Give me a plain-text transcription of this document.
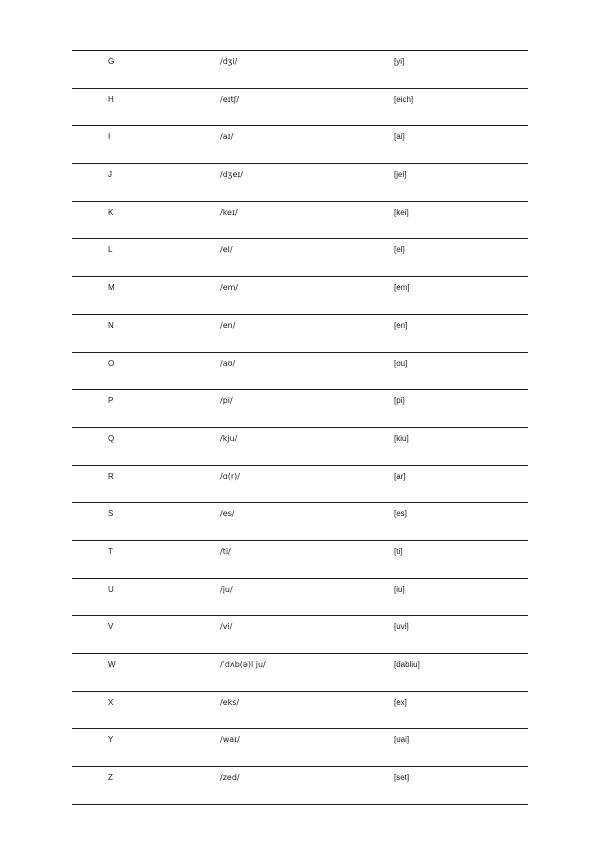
G	/dʒi/	[yi]
H	/eɪtʃ/	[eich]
I	/aɪ/	[ai]
J	/dʒeɪ/	[jei]
K	/keɪ/	[kei]
L	/el/	[el]
M	/em/	[em]
N	/en/	[en]
O	/aʊ/	[ou]
P	/pi/	[pi]
Q	/kju/	[kiu]
R	/ɑ(r)/	[ar]
S	/es/	[es]
T	/ti/	[ti]
U	/ju/	[iu]
V	/vi/	[uvi]
W	/ˈdʌb(ə)l ju/	[dabliu]
X	/eks/	[ex]
Y	/waɪ/	[uai]
Z	/zed/	[set]
